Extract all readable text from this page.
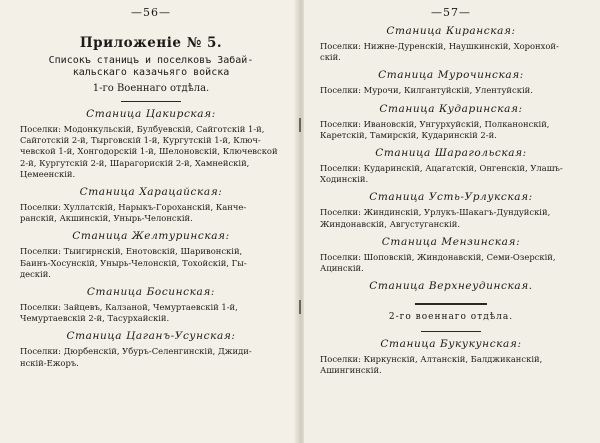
—56—
Приложеніе № 5.
Списокъ станицъ и поселковъ Забай-
кальскаго казачьяго войска
1-го Военнаго отдѣла.
Станица Цакирская:
Поселки: Модонкульскій, Булбуевскій, Сайготскій 1-й,
Сайготскій 2-й, Тырговскій 1-й, Кургутскій 1-й, Ключ-
чевской 1-й, Хонгодорскій 1-й, Шелоновскій, Ключевской
2-й, Кургутскій 2-й, Шарагорискій 2-й, Хамнейскій,
Цемеенскій.
Станица Харацайская:
Поселки: Хуллатскій, Нарыкъ-Гороханскій, Канче-
ранскій, Акшинскій, Унырь-Челонскій.
Станица Желтуринская:
Поселки: Тыигирнскій, Енотовскій, Шаривонскій,
Баинъ-Хосунскій, Унырь-Челонскій, Тохойскій, Гы-
дескій.
Станица Босинская:
Поселки: Зайцевъ, Калзаной, Чемуртаевскій 1-й,
Чемуртаевскій 2-й, Тасурхайскій.
Станица Цаганъ-Усунская:
Поселки: Дюрбенскій, Убуръ-Селенгинскій, Джиди-
нскій-Ежоръ.
—57—
Станица Киранская:
Поселки: Нижне-Дуренскій, Наушкинскій, Хоронхой-
скій.
Станица Мурочинская:
Поселки: Мурочи, Килгантуйскій, Улентуйскій.
Станица Кударинская:
Поселки: Ивановскій, Унгурхуйскій, Полканонскій,
Каретскій, Тамирскій, Кударинскій 2-й.
Станица Шарагольская:
Поселки: Кударинскій, Ацагатскій, Онгенскій, Улашъ-
Ходинскій.
Станица Усть-Урлукская:
Поселки: Жиндинскій, Урлукъ-Шакагъ-Дундуйскій,
Жиндонавскій, Августуганскій.
Станица Мензинская:
Поселки: Шоповскій, Жиндонавскій, Семи-Озерскій,
Ацинскій.
Станица Верхнеудинская.
2-го военнаго отдѣла.
Станица Букукунская:
Поселки: Киркунскій, Алтанскій, Балджиканскій,
Ашингинскій.
